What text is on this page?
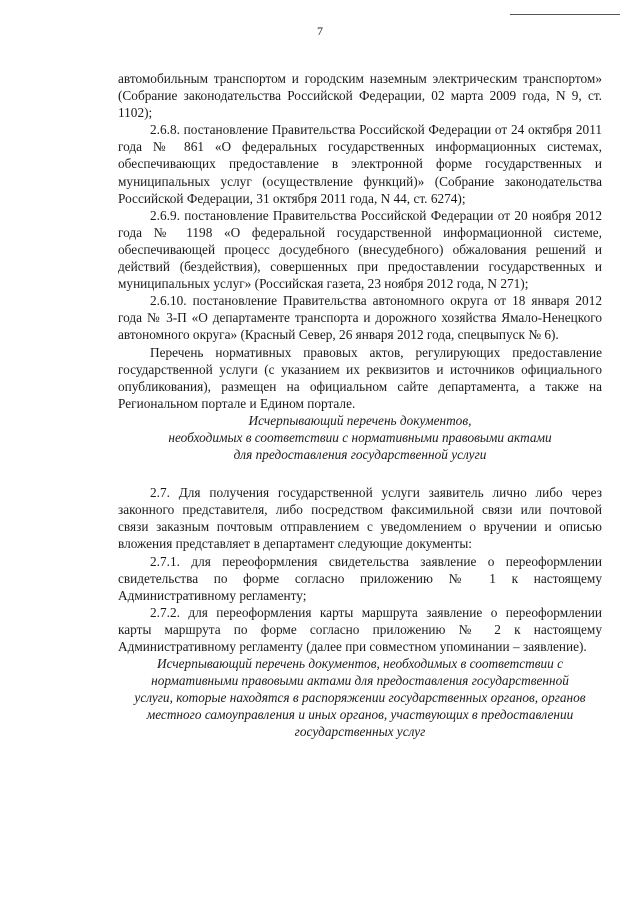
7

автомобильным транспортом и городским наземным электрическим транспортом» (Собрание законодательства Российской Федерации, 02 марта 2009 года, N 9, ст. 1102);

2.6.8. постановление Правительства Российской Федерации от 24 октября 2011 года № 861 «О федеральных государственных информационных системах, обеспечивающих предоставление в электронной форме государственных и муниципальных услуг (осуществление функций)» (Собрание законодательства Российской Федерации, 31 октября 2011 года, N 44, ст. 6274);

2.6.9. постановление Правительства Российской Федерации от 20 ноября 2012 года № 1198 «О федеральной государственной информационной системе, обеспечивающей процесс досудебного (внесудебного) обжалования решений и действий (бездействия), совершенных при предоставлении государственных и муниципальных услуг» (Российская газета, 23 ноября 2012 года, N 271);

2.6.10. постановление Правительства автономного округа от 18 января 2012 года № 3-П «О департаменте транспорта и дорожного хозяйства Ямало-Ненецкого автономного округа» (Красный Север, 26 января 2012 года, спецвыпуск № 6).

Перечень нормативных правовых актов, регулирующих предоставление государственной услуги (с указанием их реквизитов и источников официального опубликования), размещен на официальном сайте департамента, а также на Региональном портале и Едином портале.

Исчерпывающий перечень документов,
необходимых в соответствии с нормативными правовыми актами
для предоставления государственной услуги

2.7. Для получения государственной услуги заявитель лично либо через законного представителя, либо посредством факсимильной связи или почтовой связи заказным почтовым отправлением с уведомлением о вручении и описью вложения представляет в департамент следующие документы:

2.7.1. для переоформления свидетельства заявление о переоформлении свидетельства по форме согласно приложению № 1 к настоящему Административному регламенту;

2.7.2. для переоформления карты маршрута заявление о переоформлении карты маршрута по форме согласно приложению № 2 к настоящему Административному регламенту (далее при совместном упоминании – заявление).

Исчерпывающий перечень документов, необходимых в соответствии с
нормативными правовыми актами для предоставления государственной
услуги, которые находятся в распоряжении государственных органов, органов
местного самоуправления и иных органов, участвующих в предоставлении
государственных услуг
